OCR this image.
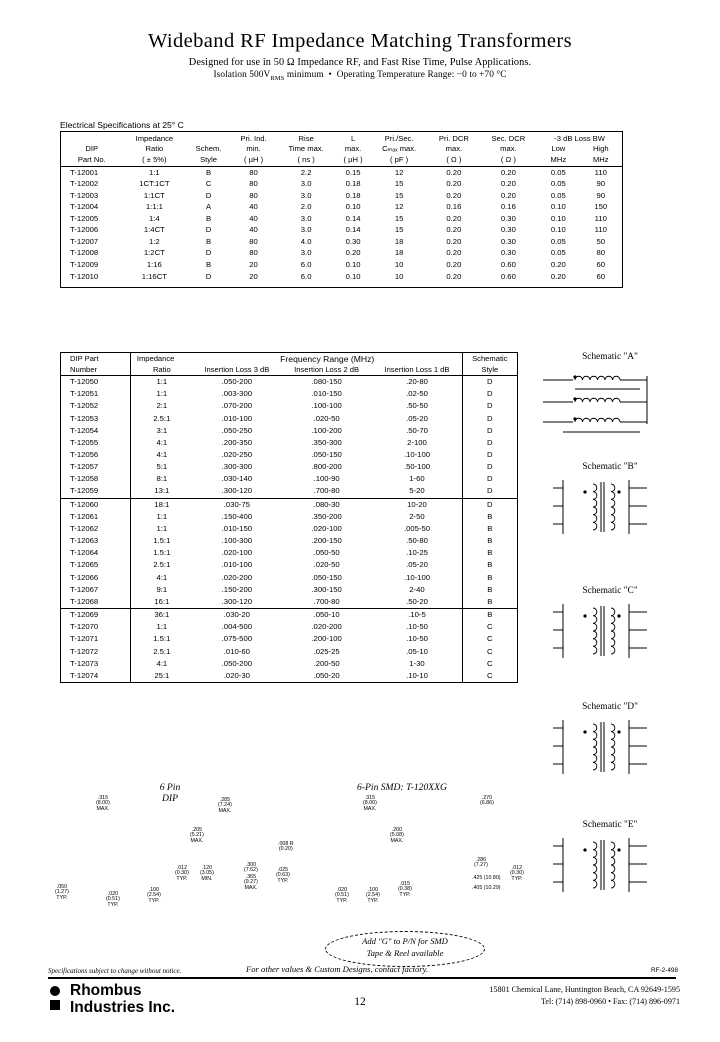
Wideband RF Impedance Matching Transformers
Designed for use in 50 Ω Impedance RF, and Fast Rise Time, Pulse Applications.
Isolation $500V_{RMS}$ minimum • Operating Temperature Range: −0 to +70 °C
Electrical Specifications at 25° C
	Impedance		Pri. Ind.	Rise	L	Pri./Sec.	Pri. DCR	Sec. DCR	-3 dB Loss BW	
DIP	Ratio	Schem.	min.	Time max.	max.	Cₘₐₓ max.	max.	max.	Low	High
Part No.	( ± 5%)	Style	( µH )	( ns )	( µH )	( pF )	( Ω )	( Ω )	MHz	MHz
T-12001	1:1	B	80	2.2	0.15	12	0.20	0.20	0.05	110
T-12002	1CT:1CT	C	80	3.0	0.18	15	0.20	0.20	0.05	90
T-12003	1:1CT	D	80	3.0	0.18	15	0.20	0.20	0.05	90
T-12004	1:1:1	A	40	2.0	0.10	12	0.16	0.16	0.10	150
T-12005	1:4	B	40	3.0	0.14	15	0.20	0.30	0.10	110
T-12006	1:4CT	D	40	3.0	0.14	15	0.20	0.30	0.10	110
T-12007	1:2	B	80	4.0	0.30	18	0.20	0.30	0.05	50
T-12008	1:2CT	D	80	3.0	0.20	18	0.20	0.30	0.05	80
T-12009	1:16	B	20	6.0	0.10	10	0.20	0.60	0.20	60
T-12010	1:16CT	D	20	6.0	0.10	10	0.20	0.60	0.20	60
DIP Part	Impedance	Frequency Range (MHz)			Schematic
Number	Ratio	Insertion Loss 3 dB	Insertion Loss 2 dB	Insertion Loss 1 dB	Style
T-12050	1:1	.050-200	.080-150	.20-80	D
T-12051	1:1	.003-300	.010-150	.02-50	D
T-12052	2:1	.070-200	.100-100	.50-50	D
T-12053	2.5:1	.010-100	.020-50	.05-20	D
T-12054	3:1	.050-250	.100-200	.50-70	D
T-12055	4:1	.200-350	.350-300	2-100	D
T-12056	4:1	.020-250	.050-150	.10-100	D
T-12057	5:1	.300-300	.800-200	.50-100	D
T-12058	8:1	.030-140	.100-90	1-60	D
T-12059	13:1	.300-120	.700-80	5-20	D
T-12060	18:1	.030-75	.080-30	10-20	D
T-12061	1:1	.150-400	.350-200	2-50	B
T-12062	1:1	.010-150	.020-100	.005-50	B
T-12063	1.5:1	.100-300	.200-150	.50-80	B
T-12064	1.5:1	.020-100	.050-50	.10-25	B
T-12065	2.5:1	.010-100	.020-50	.05-20	B
T-12066	4:1	.020-200	.050-150	.10-100	B
T-12067	9:1	.150-200	.300-150	2-40	B
T-12068	16:1	.300-120	.700-80	.50-20	B
T-12069	36:1	.030-20	.050-10	.10-5	B
T-12070	1:1	.004-500	.020-200	.10-50	C
T-12071	1.5:1	.075-500	.200-100	.10-50	C
T-12072	2.5:1	.010-60	.025-25	.05-10	C
T-12073	4:1	.050-200	.200-50	1-30	C
T-12074	25:1	.020-30	.050-20	.10-10	C
Schematic "A"
Schematic "B"
Schematic "C"
Schematic "D"
Schematic "E"
6 Pin
DIP
6-Pin SMD: T-120XXG
.315
(8.00)
MAX.
.205
(5.21)
MAX.
.012
(0.30)
TYP.
.120
(3.05)
MIN.
.100
(2.54)
TYP.
.020
(0.51)
TYP.
.050
(1.27)
TYP.
.285
(7.24)
MAX.
.300
(7.62)
.365
(9.27)
MAX.
.008 R
(0.20)
.025
(0.63)
TYP.
.315
(8.00)
MAX.
.200
(5.08)
MAX.
.020
(0.51)
TYP.
.100
(2.54)
TYP.
.015
(0.38)
TYP.
.270
(6.86)
.286
(7.27)
.425 (10.80)
.405 (10.29)
.012
(0.30)
TYP.
Add "G" to P/N for SMD
Tape & Reel available
Specifications subject to change without notice.	For other values & Custom Designs, contact factory.	RF-2-498
Rhombus
Industries Inc.	12
15801 Chemical Lane, Huntington Beach, CA 92649-1595
Tel: (714) 898-0960 • Fax: (714) 896-0971
